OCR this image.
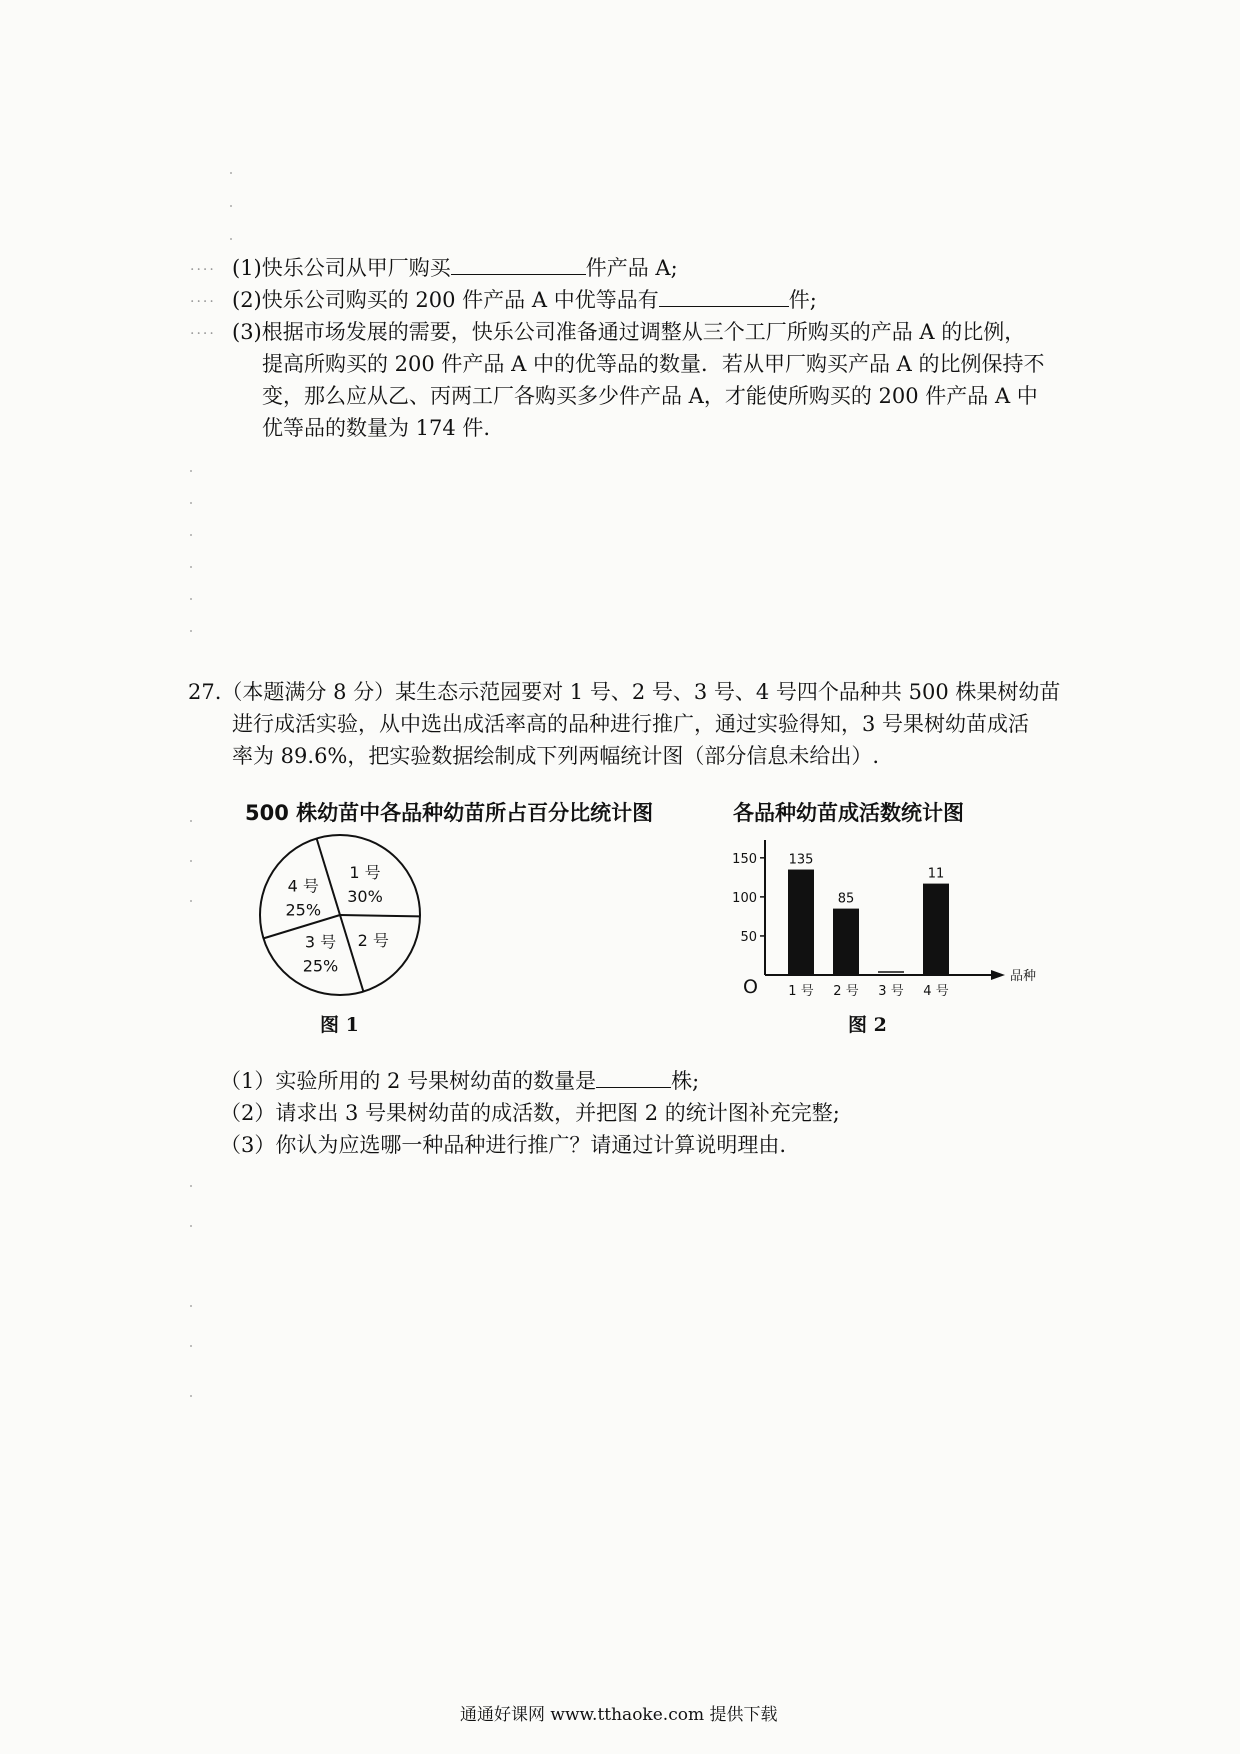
····
····
····
(1)快乐公司从甲厂购买	件产品 A;
(2)快乐公司购买的 200 件产品 A 中优等品有	件;
(3)根据市场发展的需要，快乐公司准备通过调整从三个工厂所购买的产品 A 的比例，
提高所购买的 200 件产品 A 中的优等品的数量．若从甲厂购买产品 A 的比例保持不
变，那么应从乙、丙两工厂各购买多少件产品 A，才能使所购买的 200 件产品 A 中
优等品的数量为 174 件.
27.（本题满分 8 分）某生态示范园要对 1 号、2 号、3 号、4 号四个品种共 500 株果树幼苗
进行成活实验，从中选出成活率高的品种进行推广，通过实验得知，3 号果树幼苗成活
率为 89.6%，把实验数据绘制成下列两幅统计图（部分信息未给出）.
500 株幼苗中各品种幼苗所占百分比统计图
1 号
30%
2 号
3 号
25%
4 号
25%
图 1
各品种幼苗成活数统计图
O
50
100
150 135
1 号
85
2 号 3 号
11
4 号
品种
图 2
（1）实验所用的 2 号果树幼苗的数量是	株;
（2）请求出 3 号果树幼苗的成活数，并把图 2 的统计图补充完整;
（3）你认为应选哪一种品种进行推广？请通过计算说明理由.
通通好课网 www.tthaoke.com 提供下载
